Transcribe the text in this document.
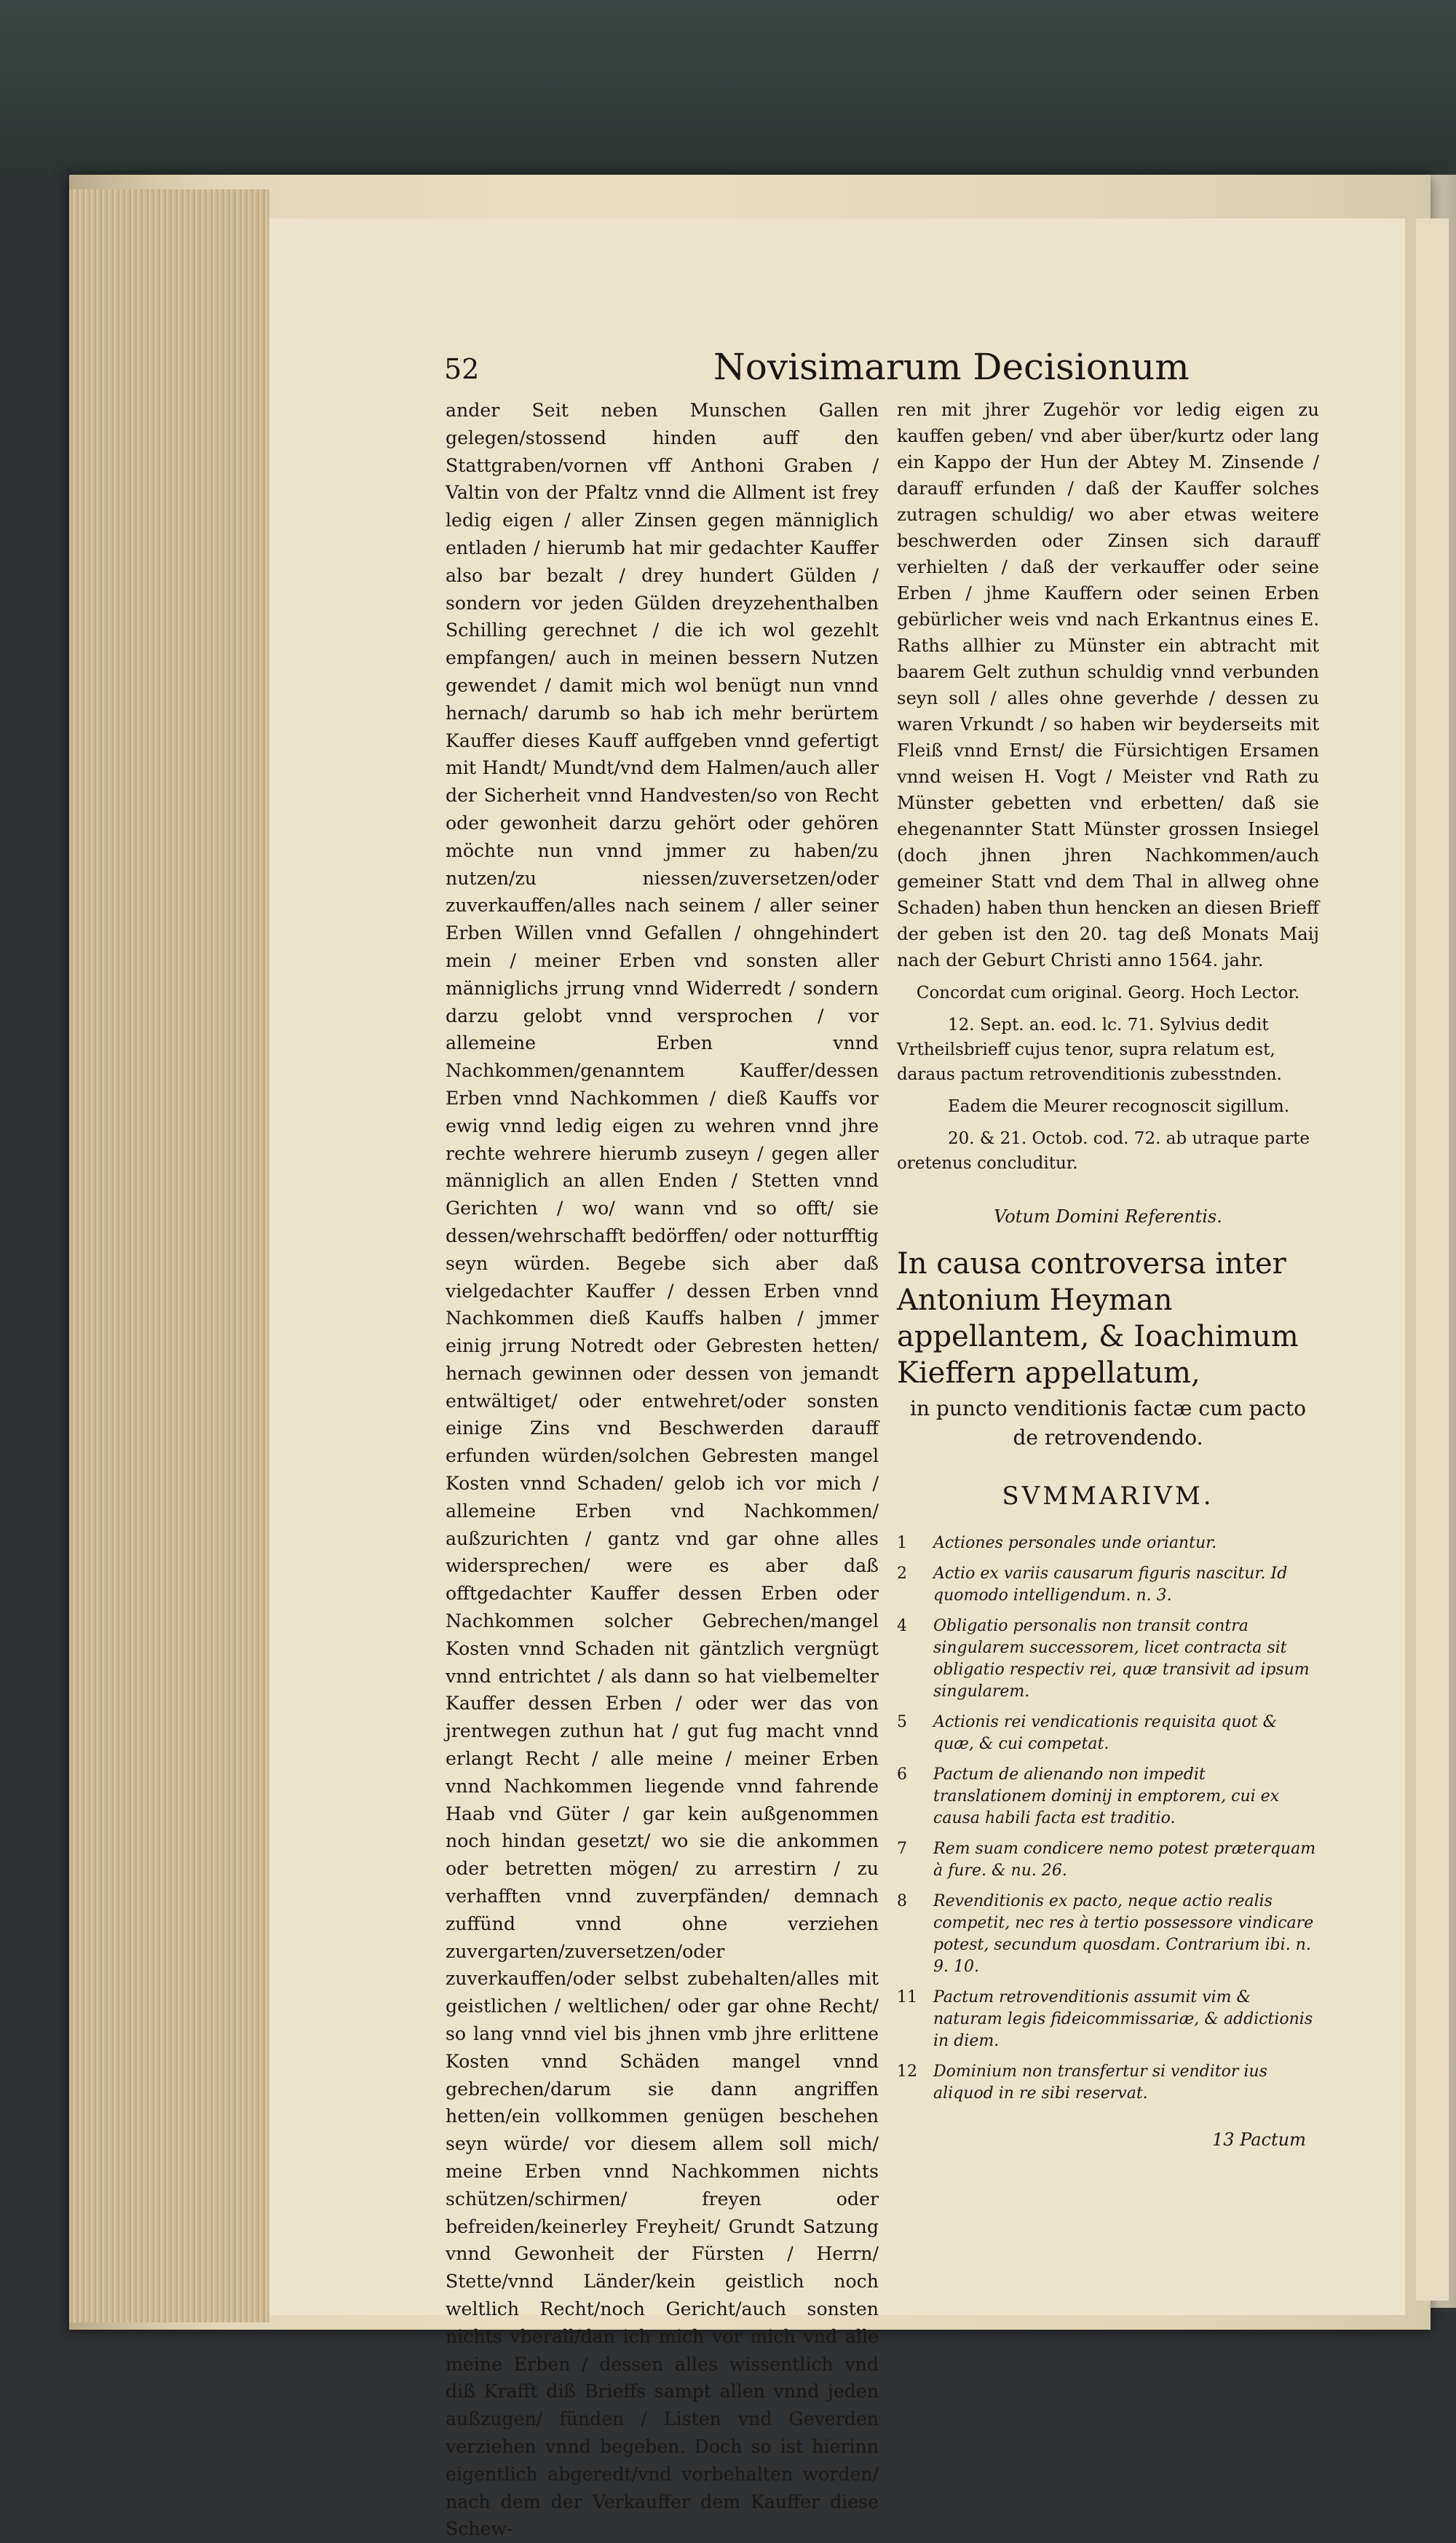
52	Novisimarum Decisionum

ander Seit neben Munschen Gallen gelegen/stossend hinden auff den Stattgraben/vornen vff Anthoni Graben / Valtin von der Pfaltz vnnd die Allment ist frey ledig eigen / aller Zinsen gegen männiglich entladen / hierumb hat mir gedachter Kauffer also bar bezalt / drey hundert Gülden / sondern vor jeden Gülden dreyzehenthalben Schilling gerechnet / die ich wol gezehlt empfangen/ auch in meinen bessern Nutzen gewendet / damit mich wol benügt nun vnnd hernach/ darumb so hab ich mehr berürtem Kauffer dieses Kauff auffgeben vnnd gefertigt mit Handt/ Mundt/vnd dem Halmen/auch aller der Sicherheit vnnd Handvesten/so von Recht oder gewonheit darzu gehört oder gehören möchte nun vnnd jmmer zu haben/zu nutzen/zu niessen/zuversetzen/oder zuverkauffen/alles nach seinem / aller seiner Erben Willen vnnd Gefallen / ohngehindert mein / meiner Erben vnd sonsten aller männiglichs jrrung vnnd Widerredt / sondern darzu gelobt vnnd versprochen / vor allemeine Erben vnnd Nachkommen/genanntem Kauffer/dessen Erben vnnd Nachkommen / dieß Kauffs vor ewig vnnd ledig eigen zu wehren vnnd jhre rechte wehrere hierumb zuseyn / gegen aller männiglich an allen Enden / Stetten vnnd Gerichten / wo/ wann vnd so offt/ sie dessen/wehrschafft bedörffen/ oder notturfftig seyn würden. Begebe sich aber daß vielgedachter Kauffer / dessen Erben vnnd Nachkommen dieß Kauffs halben / jmmer einig jrrung Notredt oder Gebresten hetten/ hernach gewinnen oder dessen von jemandt entwältiget/ oder entwehret/oder sonsten einige Zins vnd Beschwerden darauff erfunden würden/solchen Gebresten mangel Kosten vnnd Schaden/ gelob ich vor mich / allemeine Erben vnd Nachkommen/ außzurichten / gantz vnd gar ohne alles widersprechen/ were es aber daß offtgedachter Kauffer dessen Erben oder Nachkommen solcher Gebrechen/mangel Kosten vnnd Schaden nit gäntzlich vergnügt vnnd entrichtet / als dann so hat vielbemelter Kauffer dessen Erben / oder wer das von jrentwegen zuthun hat / gut fug macht vnnd erlangt Recht / alle meine / meiner Erben vnnd Nachkommen liegende vnnd fahrende Haab vnd Güter / gar kein außgenommen noch hindan gesetzt/ wo sie die ankommen oder betretten mögen/ zu arrestirn / zu verhafften vnnd zuverpfänden/ demnach zuffünd vnnd ohne verziehen zuvergarten/zuversetzen/oder zuverkauffen/oder selbst zubehalten/alles mit geistlichen / weltlichen/ oder gar ohne Recht/ so lang vnnd viel bis jhnen vmb jhre erlittene Kosten vnnd Schäden mangel vnnd gebrechen/darum sie dann angriffen hetten/ein vollkommen genügen beschehen seyn würde/ vor diesem allem soll mich/ meine Erben vnnd Nachkommen nichts schützen/schirmen/ freyen oder befreiden/keinerley Freyheit/ Grundt Satzung vnnd Gewonheit der Fürsten / Herrn/ Stette/vnnd Länder/kein geistlich noch weltlich Recht/noch Gericht/auch sonsten nichts vberall/dan ich mich vor mich vnd alle meine Erben / dessen alles wissentlich vnd diß Krafft diß Brieffs sampt allen vnnd jeden außzugen/ fünden / Listen vnd Geverden verziehen vnnd begeben. Doch so ist hierinn eigentlich abgeredt/vnd vorbehalten worden/ nach dem der Verkauffer dem Kauffer diese Schew-

ren mit jhrer Zugehör vor ledig eigen zu kauffen geben/ vnd aber über/kurtz oder lang ein Kappo der Hun der Abtey M. Zinsende / darauff erfunden / daß der Kauffer solches zutragen schuldig/ wo aber etwas weitere beschwerden oder Zinsen sich darauff verhielten / daß der verkauffer oder seine Erben / jhme Kauffern oder seinen Erben gebürlicher weis vnd nach Erkantnus eines E. Raths allhier zu Münster ein abtracht mit baarem Gelt zuthun schuldig vnnd verbunden seyn soll / alles ohne geverhde / dessen zu waren Vrkundt / so haben wir beyderseits mit Fleiß vnnd Ernst/ die Fürsichtigen Ersamen vnnd weisen H. Vogt / Meister vnd Rath zu Münster gebetten vnd erbetten/ daß sie ehegenannter Statt Münster grossen Insiegel (doch jhnen jhren Nachkommen/auch gemeiner Statt vnd dem Thal in allweg ohne Schaden) haben thun hencken an diesen Brieff der geben ist den 20. tag deß Monats Maij nach der Geburt Christi anno 1564. jahr.

Concordat cum original. Georg. Hoch Lector.

12. Sept. an. eod. lc. 71. Sylvius dedit Vrtheilsbrieff cujus tenor, supra relatum est, daraus pactum retrovenditionis zubesstnden.

Eadem die Meurer recognoscit sigillum.

20. & 21. Octob. cod. 72. ab utraque parte oretenus concluditur.

Votum Domini Referentis.

In causa controversa inter Antonium Heyman appellantem, & Ioachimum Kieffern appellatum,

in puncto venditionis factæ cum pacto de retrovendendo.

SVMMARIVM.

1	Actiones personales unde oriantur.
2	Actio ex variis causarum figuris nascitur. Id quomodo intelligendum. n. 3.
4	Obligatio personalis non transit contra singularem successorem, licet contracta sit obligatio respectiv rei, quæ transivit ad ipsum singularem.
5	Actionis rei vendicationis requisita quot & quæ, & cui competat.
6	Pactum de alienando non impedit translationem dominij in emptorem, cui ex causa habili facta est traditio.
7	Rem suam condicere nemo potest præterquam à fure. & nu. 26.
8	Revenditionis ex pacto, neque actio realis competit, nec res à tertio possessore vindicare potest, secundum quosdam. Contrarium ibi. n. 9. 10.
11	Pactum retrovenditionis assumit vim & naturam legis fideicommissariæ, & addictionis in diem.
12	Dominium non transfertur si venditor ius aliquod in re sibi reservat.
13 Pactum
